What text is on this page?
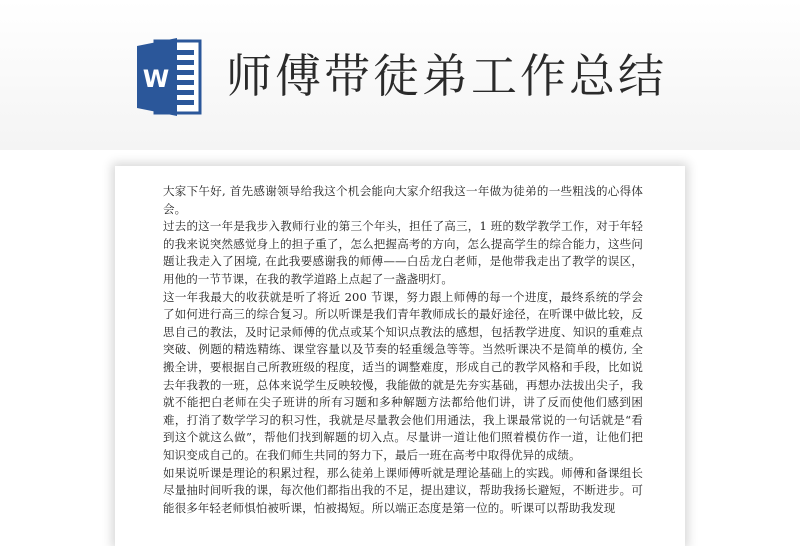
W 师傅带徒弟工作总结

大家下午好, 首先感谢领导给我这个机会能向大家介绍我这一年做为徒弟的一些粗浅的心得体会。

过去的这一年是我步入教师行业的第三个年头，担任了高三，1 班的数学教学工作，对于年轻的我来说突然感觉身上的担子重了，怎么把握高考的方向，怎么提高学生的综合能力，这些问题让我走入了困境, 在此我要感谢我的师傅——白岳龙白老师，是他带我走出了教学的误区，用他的一节节课，在我的教学道路上点起了一盏盏明灯。

这一年我最大的收获就是听了将近 200 节课，努力跟上师傅的每一个进度，最终系统的学会了如何进行高三的综合复习。所以听课是我们青年教师成长的最好途径，在听课中做比较，反思自己的教法，及时记录师傅的优点或某个知识点教法的感想，包括教学进度、知识的重难点突破、例题的精选精练、课堂容量以及节奏的轻重缓急等等。当然听课决不是简单的模仿, 全搬全讲，要根据自己所教班级的程度，适当的调整难度，形成自己的教学风格和手段，比如说去年我教的一班，总体来说学生反映较慢，我能做的就是先夯实基础，再想办法拔出尖子，我就不能把白老师在尖子班讲的所有习题和多种解题方法都给他们讲，讲了反而使他们感到困难，打消了数学学习的积习性，我就是尽量教会他们用通法，我上课最常说的一句话就是“看到这个就这么做”，帮他们找到解题的切入点。尽量讲一道让他们照着模仿作一道，让他们把知识变成自己的。在我们师生共同的努力下，最后一班在高考中取得优异的成绩。

如果说听课是理论的积累过程，那么徒弟上课师傅听就是理论基础上的实践。师傅和备课组长尽量抽时间听我的课，每次他们都指出我的不足，提出建议，帮助我扬长避短，不断进步。可能很多年轻老师惧怕被听课，怕被揭短。所以端正态度是第一位的。听课可以帮助我发现
